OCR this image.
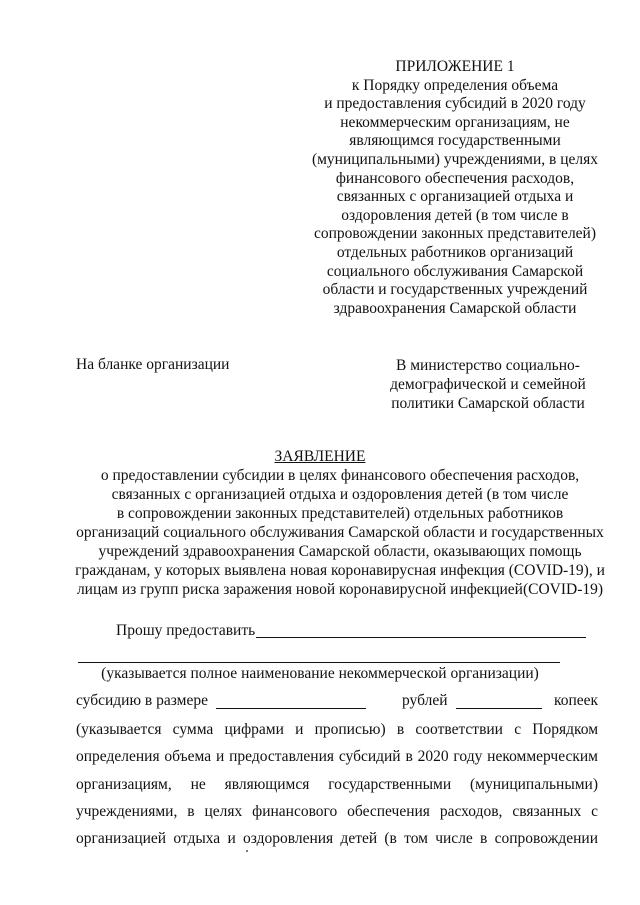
ПРИЛОЖЕНИЕ 1
к Порядку определения объема
и предоставления субсидий в 2020 году
некоммерческим организациям, не
являющимся государственными
(муниципальными) учреждениями, в целях
финансового обеспечения расходов,
связанных с организацией отдыха и
оздоровления детей (в том числе в
сопровождении законных представителей)
отдельных работников организаций
социального обслуживания Самарской
области и государственных учреждений
здравоохранения Самарской области
На бланке организации	В министерство социально-
демографической и семейной
политики Самарской области
ЗАЯВЛЕНИЕ
о предоставлении субсидии в целях финансового обеспечения расходов,
связанных с организацией отдыха и оздоровления детей (в том числе
в сопровождении законных представителей) отдельных работников
организаций социального обслуживания Самарской области и государственных
учреждений здравоохранения Самарской области, оказывающих помощь
гражданам, у которых выявлена новая коронавирусная инфекция (COVID-19), и
лицам из групп риска заражения новой коронавирусной инфекцией(COVID-19)
Прошу предоставить
(указывается полное наименование некоммерческой организации)
субсидию в размере	рублей	копеек
(указывается сумма цифрами и прописью) в соответствии с Порядком
определения объема и предоставления субсидий в 2020 году некоммерческим
организациям, не являющимся государственными (муниципальными)
учреждениями, в целях финансового обеспечения расходов, связанных с
организацией отдыха и оздоровления детей (в том числе в сопровождении
